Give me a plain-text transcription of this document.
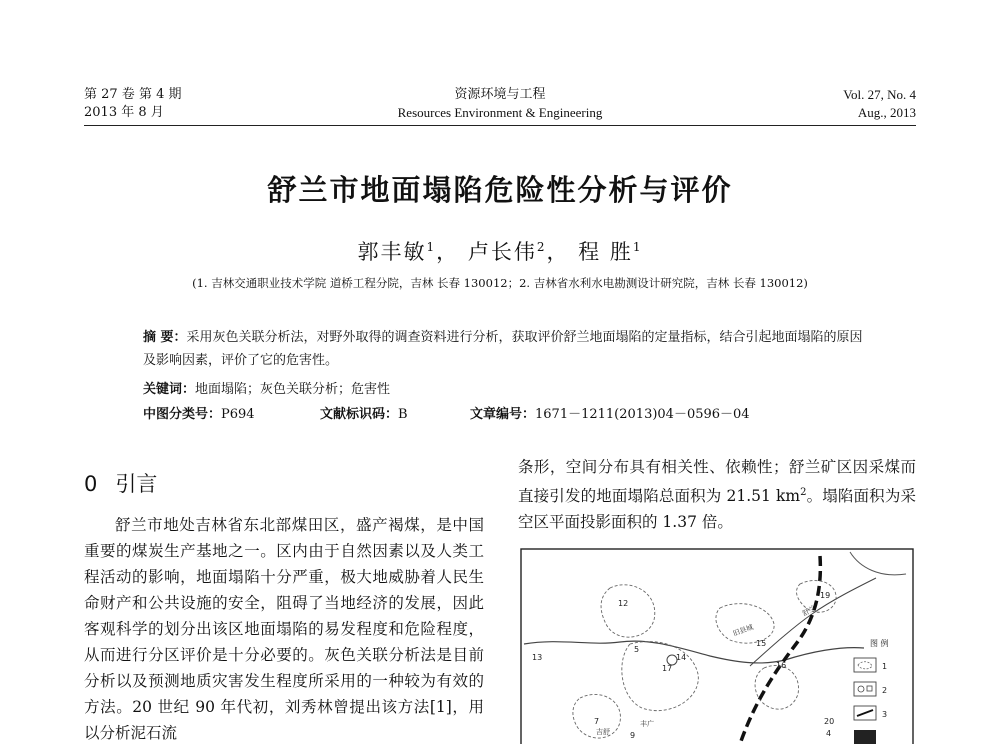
第 27 卷 第 4 期
2013 年 8 月
资源环境与工程
Resources Environment & Engineering
Vol. 27, No. 4
Aug., 2013
舒兰市地面塌陷危险性分析与评价
郭丰敏$^1$， 卢长伟$^2$， 程 胜$^1$
(1. 吉林交通职业技术学院 道桥工程分院，吉林 长春 130012；2. 吉林省水利水电勘测设计研究院，吉林 长春 130012)
摘 要：采用灰色关联分析法，对野外取得的调查资料进行分析，获取评价舒兰地面塌陷的定量指标，结合引起地面塌陷的原因及影响因素，评价了它的危害性。
关键词：地面塌陷；灰色关联分析；危害性
中图分类号：P694	文献标识码：B	文章编号：1671－1211(2013)04－0596－04
0 引言
舒兰市地处吉林省东北部煤田区，盛产褐煤，是中国重要的煤炭生产基地之一。区内由于自然因素以及人类工程活动的影响，地面塌陷十分严重，极大地威胁着人民生命财产和公共设施的安全，阻碍了当地经济的发展，因此客观科学的划分出该区地面塌陷的易发程度和危险程度，从而进行分区评价是十分必要的。灰色关联分析法是目前分析以及预测地质灾害发生程度所采用的一种较为有效的方法。20 世纪 90 年代初，刘秀林曾提出该方法[1]，用以分析泥石流
条形，空间分布具有相关性、依赖性；舒兰矿区因采煤而直接引发的地面塌陷总面积为 21.51 $km^2$。塌陷面积为采空区平面投影面积的 1.37 倍。
12
13
5
17
14
15
16
19
20
4
7
9
舒兰
吉舒
丰广
旧县城
图 例
1
2
3
